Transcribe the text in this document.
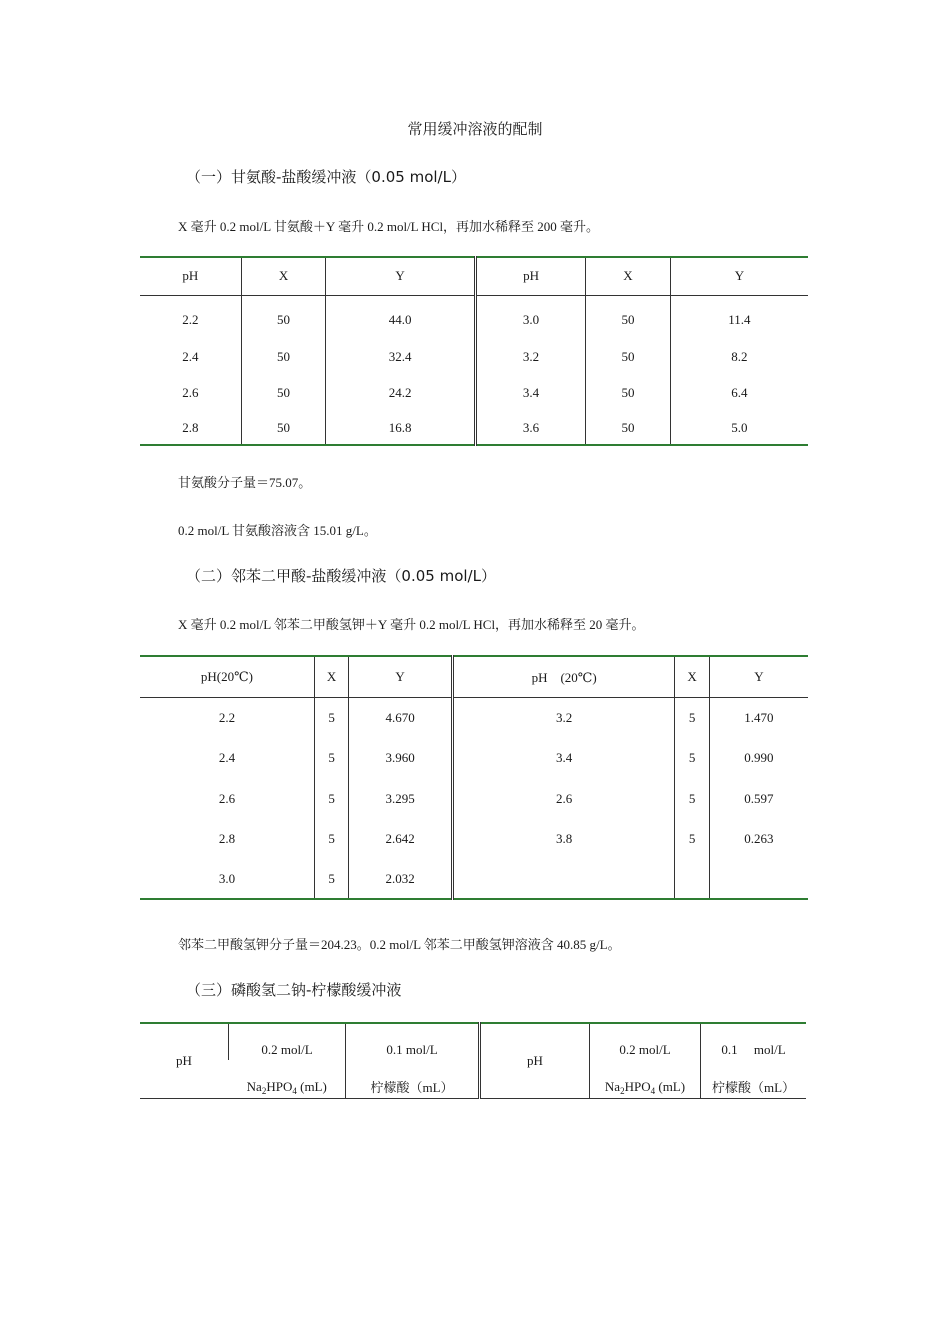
常用缓冲溶液的配制
（一）甘氨酸-盐酸缓冲液（0.05 mol/L）
X 毫升 0.2 mol/L 甘氨酸＋Y 毫升 0.2 mol/L HCl，再加水稀释至 200 毫升。
pH	X	Y	pH	X	Y
2.2	50	44.0	3.0	50	11.4
2.4	50	32.4	3.2	50	8.2
2.6	50	24.2	3.4	50	6.4
2.8	50	16.8	3.6	50	5.0
甘氨酸分子量＝75.07。
0.2 mol/L 甘氨酸溶液含 15.01 g/L。
（二）邻苯二甲酸-盐酸缓冲液（0.05 mol/L）
X 毫升 0.2 mol/L 邻苯二甲酸氢钾＋Y 毫升 0.2 mol/L HCl，再加水稀释至 20 毫升。
pH(20℃)	X	Y	pH　(20℃)	X	Y
2.2	5	4.670	3.2	5	1.470
2.4	5	3.960	3.4	5	0.990
2.6	5	3.295	2.6	5	0.597
2.8	5	2.642	3.8	5	0.263
3.0	5	2.032			
邻苯二甲酸氢钾分子量＝204.23。0.2 mol/L 邻苯二甲酸氢钾溶液含 40.85 g/L。
（三）磷酸氢二钠-柠檬酸缓冲液
pH	0.2 mol/L	0.1 mol/L	pH	0.2 mol/L	0.1　 mol/L
	$Na_2HPO_4$ (mL)	柠檬酸（mL）		$Na_2HPO_4$ (mL)	柠檬酸（mL）
